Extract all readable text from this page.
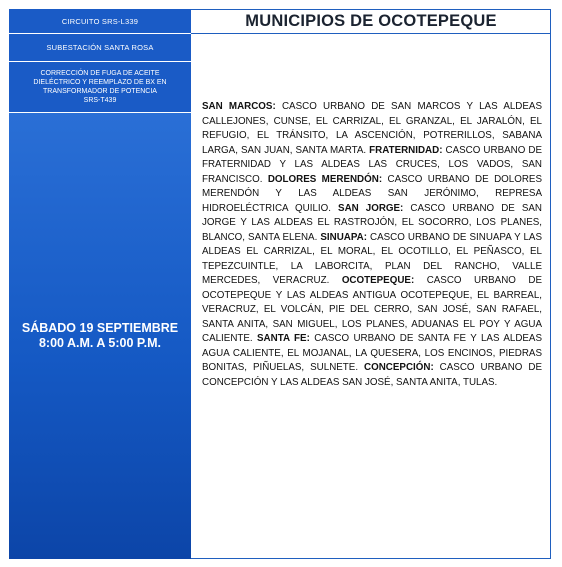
CIRCUITO SRS-L339
SUBESTACIÓN SANTA ROSA
CORRECCIÓN DE FUGA DE ACEITE
DIELÉCTRICO Y REEMPLAZO DE BX EN
TRANSFORMADOR DE POTENCIA
SRS-T439
SÁBADO 19 SEPTIEMBRE
8:00 A.M. A 5:00 P.M.
MUNICIPIOS DE OCOTEPEQUE
SAN MARCOS: CASCO URBANO DE SAN MARCOS Y LAS ALDEAS CALLEJONES, CUNSE, EL CARRIZAL, EL GRANZAL, EL JARALÓN, EL REFUGIO, EL TRÁNSITO, LA ASCENCIÓN, POTRERILLOS, SABANA LARGA, SAN JUAN, SANTA MARTA. FRATERNIDAD: CASCO URBANO DE FRATERNIDAD Y LAS ALDEAS LAS CRUCES, LOS VADOS, SAN FRANCISCO. DOLORES MERENDÓN: CASCO URBANO DE DOLORES MERENDÓN Y LAS ALDEAS SAN JERÓNIMO, REPRESA HIDROELÉCTRICA QUILIO. SAN JORGE: CASCO URBANO DE SAN JORGE Y LAS ALDEAS EL RASTROJÓN, EL SOCORRO, LOS PLANES, BLANCO, SANTA ELENA. SINUAPA: CASCO URBANO DE SINUAPA Y LAS ALDEAS EL CARRIZAL, EL MORAL, EL OCOTILLO, EL PEÑASCO, EL TEPEZCUINTLE, LA LABORCITA, PLAN DEL RANCHO, VALLE MERCEDES, VERACRUZ. OCOTEPEQUE: CASCO URBANO DE OCOTEPEQUE Y LAS ALDEAS ANTIGUA OCOTEPEQUE, EL BARREAL, VERACRUZ, EL VOLCÁN, PIE DEL CERRO, SAN JOSÉ, SAN RAFAEL, SANTA ANITA, SAN MIGUEL, LOS PLANES, ADUANAS EL POY Y AGUA CALIENTE. SANTA FE: CASCO URBANO DE SANTA FE Y LAS ALDEAS AGUA CALIENTE, EL MOJANAL, LA QUESERA, LOS ENCINOS, PIEDRAS BONITAS, PIÑUELAS, SULNETE. CONCEPCIÓN: CASCO URBANO DE CONCEPCIÓN Y LAS ALDEAS SAN JOSÉ, SANTA ANITA, TULAS.
